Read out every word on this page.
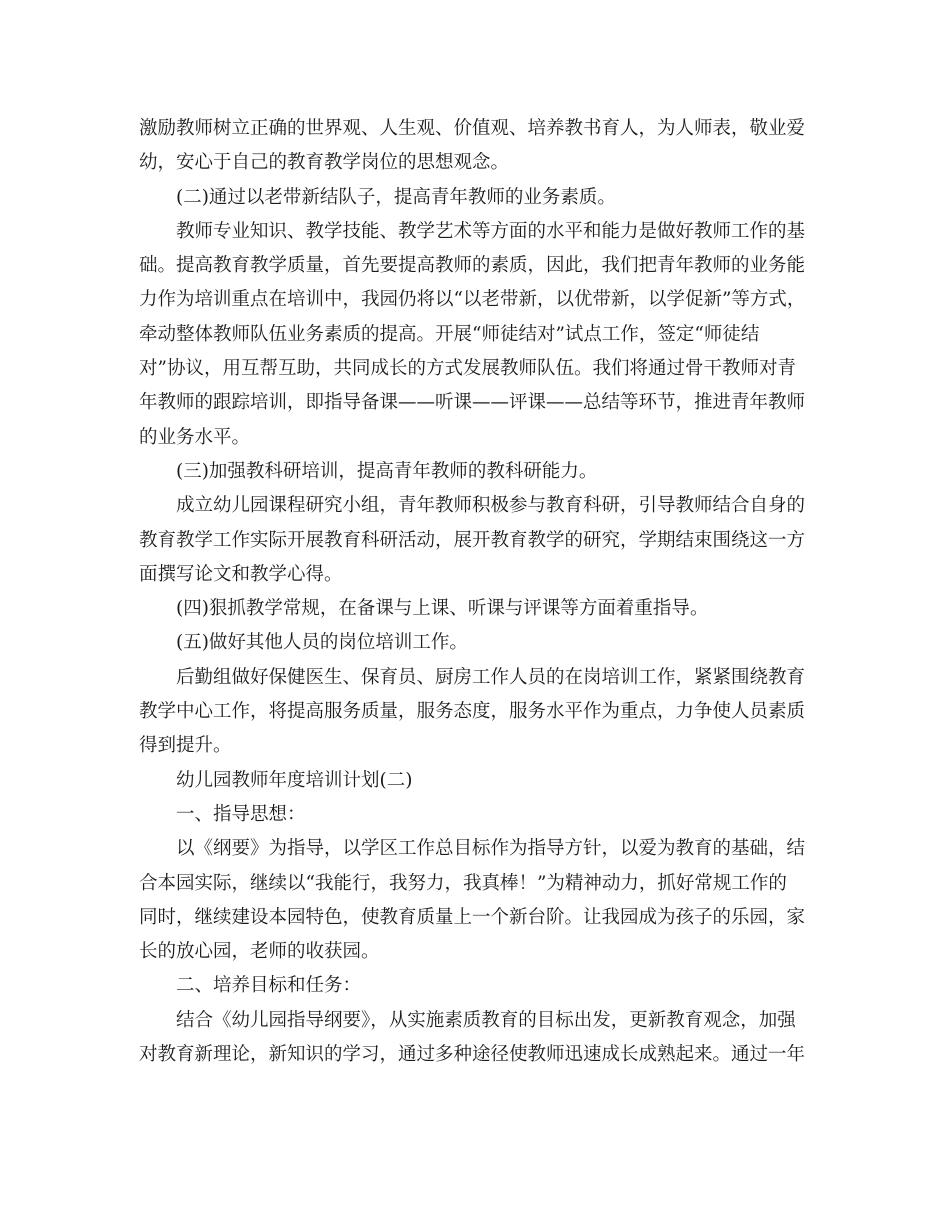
激励教师树立正确的世界观、人生观、价值观、培养教书育人，为人师表，敬业爱
幼，安心于自己的教育教学岗位的思想观念。
(二)通过以老带新结队子，提高青年教师的业务素质。
教师专业知识、教学技能、教学艺术等方面的水平和能力是做好教师工作的基
础。提高教育教学质量，首先要提高教师的素质，因此，我们把青年教师的业务能
力作为培训重点在培训中，我园仍将以“以老带新，以优带新，以学促新”等方式，
牵动整体教师队伍业务素质的提高。开展“师徒结对”试点工作，签定“师徒结
对”协议，用互帮互助，共同成长的方式发展教师队伍。我们将通过骨干教师对青
年教师的跟踪培训，即指导备课——听课——评课——总结等环节，推进青年教师
的业务水平。
(三)加强教科研培训，提高青年教师的教科研能力。
成立幼儿园课程研究小组，青年教师积极参与教育科研，引导教师结合自身的
教育教学工作实际开展教育科研活动，展开教育教学的研究，学期结束围绕这一方
面撰写论文和教学心得。
(四)狠抓教学常规，在备课与上课、听课与评课等方面着重指导。
(五)做好其他人员的岗位培训工作。
后勤组做好保健医生、保育员、厨房工作人员的在岗培训工作，紧紧围绕教育
教学中心工作，将提高服务质量，服务态度，服务水平作为重点，力争使人员素质
得到提升。
幼儿园教师年度培训计划(二)
一、指导思想：
以《纲要》为指导，以学区工作总目标作为指导方针，以爱为教育的基础，结
合本园实际，继续以“我能行，我努力，我真棒！”为精神动力，抓好常规工作的
同时，继续建设本园特色，使教育质量上一个新台阶。让我园成为孩子的乐园，家
长的放心园，老师的收获园。
二、培养目标和任务：
结合《幼儿园指导纲要》，从实施素质教育的目标出发，更新教育观念，加强
对教育新理论，新知识的学习，通过多种途径使教师迅速成长成熟起来。通过一年
